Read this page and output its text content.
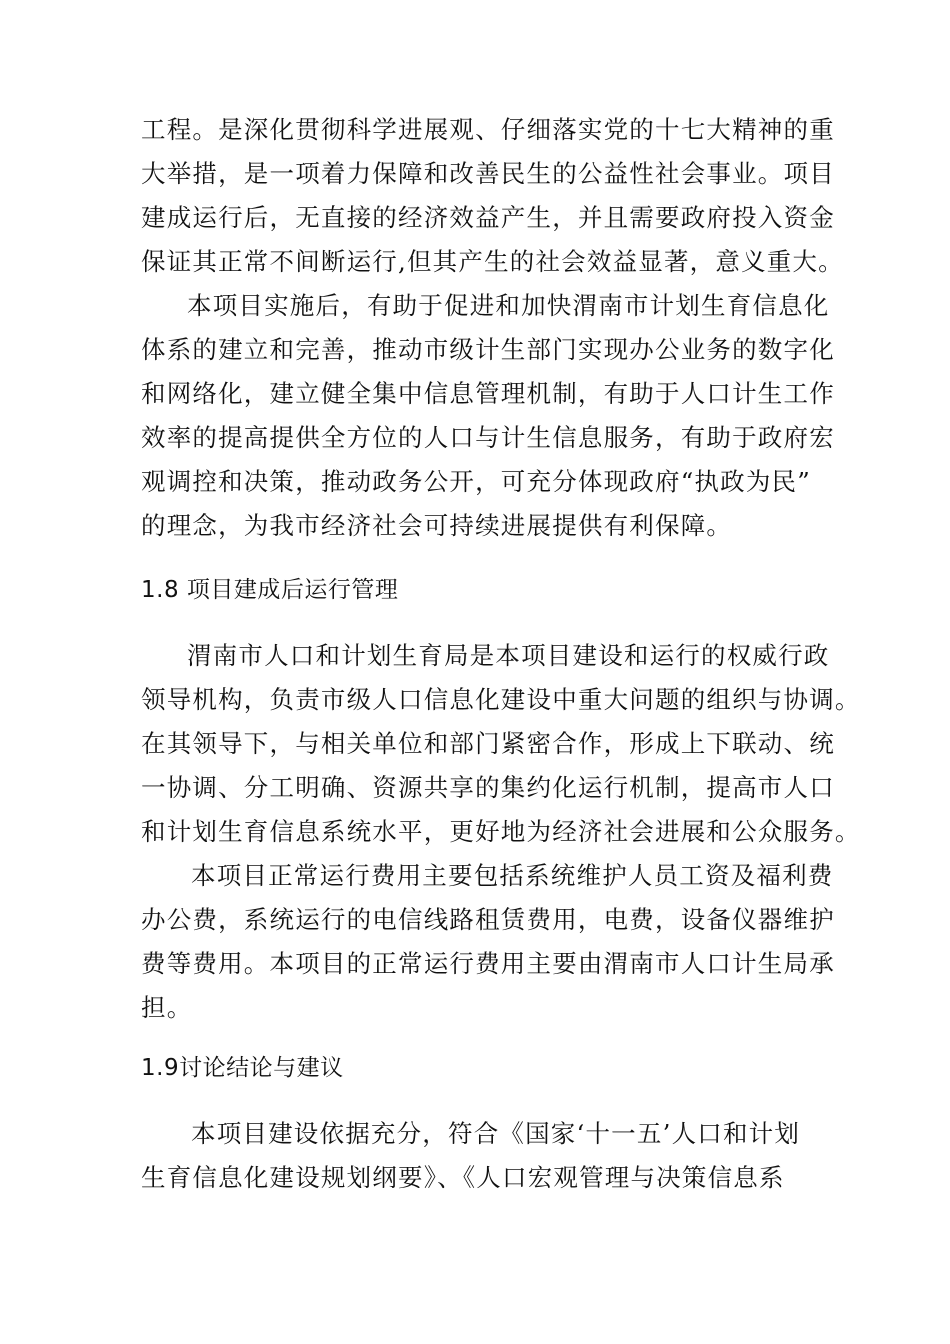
工程。是深化贯彻科学进展观、仔细落实党的十七大精神的重
大举措，是一项着力保障和改善民生的公益性社会事业。项目
建成运行后，无直接的经济效益产生，并且需要政府投入资金
保证其正常不间断运行,但其产生的社会效益显著，意义重大。
本项目实施后，有助于促进和加快渭南市计划生育信息化
体系的建立和完善，推动市级计生部门实现办公业务的数字化
和网络化，建立健全集中信息管理机制，有助于人口计生工作
效率的提高提供全方位的人口与计生信息服务，有助于政府宏
观调控和决策，推动政务公开，可充分体现政府“执政为民”
的理念，为我市经济社会可持续进展提供有利保障。
1.8 项目建成后运行管理
渭南市人口和计划生育局是本项目建设和运行的权威行政
领导机构，负责市级人口信息化建设中重大问题的组织与协调。
在其领导下，与相关单位和部门紧密合作，形成上下联动、统
一协调、分工明确、资源共享的集约化运行机制，提高市人口
和计划生育信息系统水平，更好地为经济社会进展和公众服务。
本项目正常运行费用主要包括系统维护人员工资及福利费
办公费，系统运行的电信线路租赁费用，电费，设备仪器维护
费等费用。本项目的正常运行费用主要由渭南市人口计生局承
担。
1.9讨论结论与建议
本项目建设依据充分，符合《国家‘十一五’人口和计划
生育信息化建设规划纲要》、《人口宏观管理与决策信息系
